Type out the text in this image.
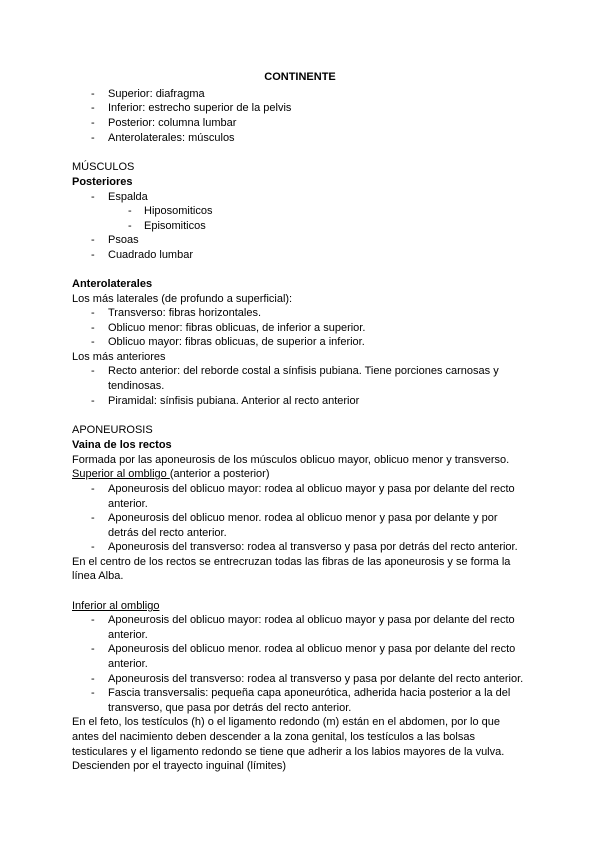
CONTINENTE
- Superior: diafragma
- Inferior: estrecho superior de la pelvis
- Posterior: columna lumbar
- Anterolaterales: músculos
MÚSCULOS
Posteriores
- Espalda
- Hiposomiticos
- Episomiticos
- Psoas
- Cuadrado lumbar
Anterolaterales
Los más laterales (de profundo a superficial):
- Transverso: fibras horizontales.
- Oblicuo menor: fibras oblicuas, de inferior a superior.
- Oblicuo mayor: fibras oblicuas, de superior a inferior.
Los más anteriores
- Recto anterior: del reborde costal a sínfisis pubiana. Tiene porciones carnosas y
tendinosas.
- Piramidal: sínfisis pubiana. Anterior al recto anterior
APONEUROSIS
Vaina de los rectos
Formada por las aponeurosis de los músculos oblicuo mayor, oblicuo menor y transverso.
Superior al ombligo (anterior a posterior)
- Aponeurosis del oblicuo mayor: rodea al oblicuo mayor y pasa por delante del recto
anterior.
- Aponeurosis del oblicuo menor. rodea al oblicuo menor y pasa por delante y por
detrás del recto anterior.
- Aponeurosis del transverso: rodea al transverso y pasa por detrás del recto anterior.
En el centro de los rectos se entrecruzan todas las fibras de las aponeurosis y se forma la
línea Alba.
Inferior al ombligo
- Aponeurosis del oblicuo mayor: rodea al oblicuo mayor y pasa por delante del recto
anterior.
- Aponeurosis del oblicuo menor. rodea al oblicuo menor y pasa por delante del recto
anterior.
- Aponeurosis del transverso: rodea al transverso y pasa por delante del recto anterior.
- Fascia transversalis: pequeña capa aponeurótica, adherida hacia posterior a la del
transverso, que pasa por detrás del recto anterior.
En el feto, los testículos (h) o el ligamento redondo (m) están en el abdomen, por lo que
antes del nacimiento deben descender a la zona genital, los testículos a las bolsas
testiculares y el ligamento redondo se tiene que adherir a los labios mayores de la vulva.
Descienden por el trayecto inguinal (límites)
